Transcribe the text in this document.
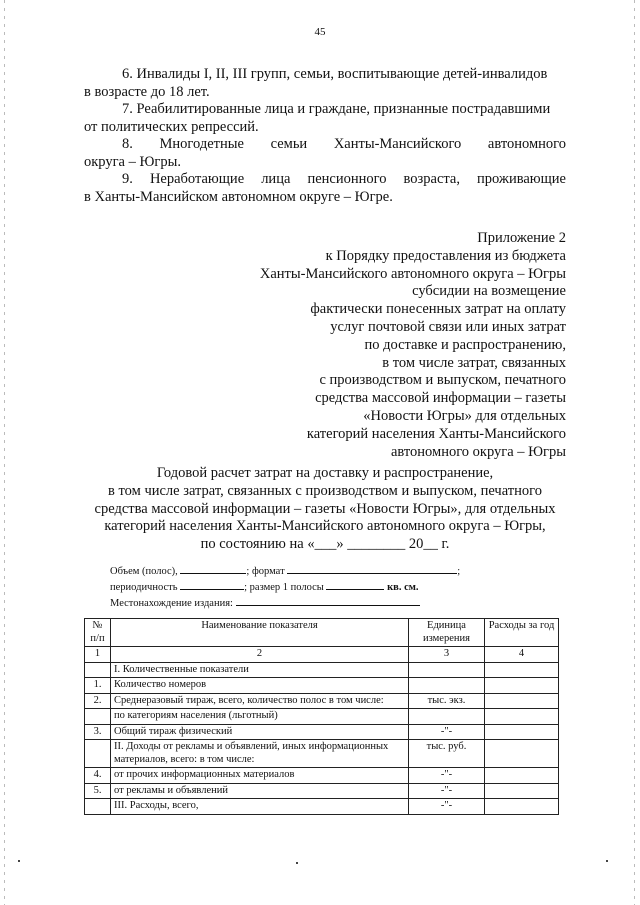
45
6. Инвалиды I, II, III групп, семьи, воспитывающие детей-инвалидов
в возрасте до 18 лет.
7. Реабилитированные лица и граждане, признанные пострадавшими
от политических репрессий.
8. Многодетные семьи Ханты-Мансийского автономного
округа – Югры.
9. Неработающие лица пенсионного возраста, проживающие
в Ханты-Мансийском автономном округе – Югре.
Приложение 2
к Порядку предоставления из бюджета
Ханты-Мансийского автономного округа – Югры
субсидии на возмещение
фактически понесенных затрат на оплату
услуг почтовой связи или иных затрат
по доставке и распространению,
в том числе затрат, связанных
с производством и выпуском, печатного
средства массовой информации – газеты
«Новости Югры» для отдельных
категорий населения Ханты-Мансийского
автономного округа – Югры
Годовой расчет затрат на доставку и распространение,
в том числе затрат, связанных с производством и выпуском, печатного
средства массовой информации – газеты «Новости Югры», для отдельных
категорий населения Ханты-Мансийского автономного округа – Югры,
по состоянию на «___» ________ 20__ г.
Объем (полос),	; формат	;
периодичность	; размер 1 полосы	кв. см.
Местонахождение издания:
№ п/п	Наименование показателя	Единица измерения	Расходы за год
1	2	3	4
	I. Количественные показатели		
1.	Количество номеров		
2.	Среднеразовый тираж, всего, количество полос в том числе:	тыс. экз.	
	по категориям населения (льготный)		
3.	Общий тираж физический	-"-	
	II. Доходы от рекламы и объявлений, иных информационных материалов, всего: в том числе:	тыс. руб.	
4.	от прочих информационных материалов	-"-	
5.	от рекламы и объявлений	-"-	
	III. Расходы, всего,	-"-	
